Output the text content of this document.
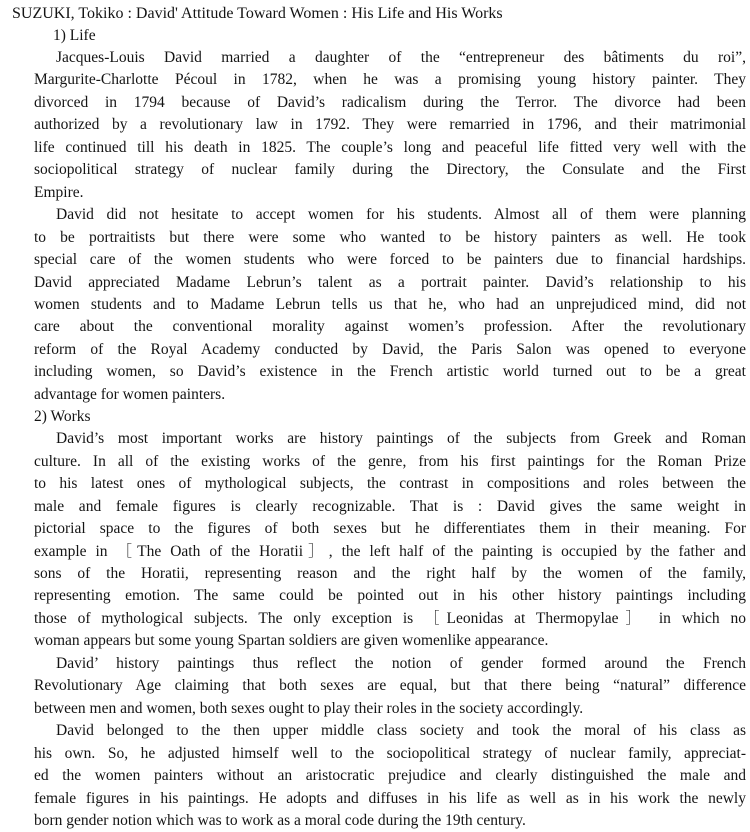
SUZUKI, Tokiko : David' Attitude Toward Women : His Life and His Works
1) Life
Jacques-Louis David married a daughter of the “entrepreneur des bâtiments du roi”,
Margurite-Charlotte Pécoul in 1782, when he was a promising young history painter. They
divorced in 1794 because of David’s radicalism during the Terror. The divorce had been
authorized by a revolutionary law in 1792. They were remarried in 1796, and their matrimonial
life continued till his death in 1825. The couple’s long and peaceful life fitted very well with the
sociopolitical strategy of nuclear family during the Directory, the Consulate and the First
Empire.
David did not hesitate to accept women for his students. Almost all of them were planning
to be portraitists but there were some who wanted to be history painters as well. He took
special care of the women students who were forced to be painters due to financial hardships.
David appreciated Madame Lebrun’s talent as a portrait painter. David’s relationship to his
women students and to Madame Lebrun tells us that he, who had an unprejudiced mind, did not
care about the conventional morality against women’s profession. After the revolutionary
reform of the Royal Academy conducted by David, the Paris Salon was opened to everyone
including women, so David’s existence in the French artistic world turned out to be a great
advantage for women painters.
2) Works
David’s most important works are history paintings of the subjects from Greek and Roman
culture. In all of the existing works of the genre, from his first paintings for the Roman Prize
to his latest ones of mythological subjects, the contrast in compositions and roles between the
male and female figures is clearly recognizable. That is : David gives the same weight in
pictorial space to the figures of both sexes but he differentiates them in their meaning. For
example in ［The Oath of the Horatii］, the left half of the painting is occupied by the father and
sons of the Horatii, representing reason and the right half by the women of the family,
representing emotion. The same could be pointed out in his other history paintings including
those of mythological subjects. The only exception is ［Leonidas at Thermopylae］ in which no
woman appears but some young Spartan soldiers are given womenlike appearance.
David’ history paintings thus reflect the notion of gender formed around the French
Revolutionary Age claiming that both sexes are equal, but that there being “natural” difference
between men and women, both sexes ought to play their roles in the society accordingly.
David belonged to the then upper middle class society and took the moral of his class as
his own. So, he adjusted himself well to the sociopolitical strategy of nuclear family, appreciat-
ed the women painters without an aristocratic prejudice and clearly distinguished the male and
female figures in his paintings. He adopts and diffuses in his life as well as in his work the newly
born gender notion which was to work as a moral code during the 19th century.
